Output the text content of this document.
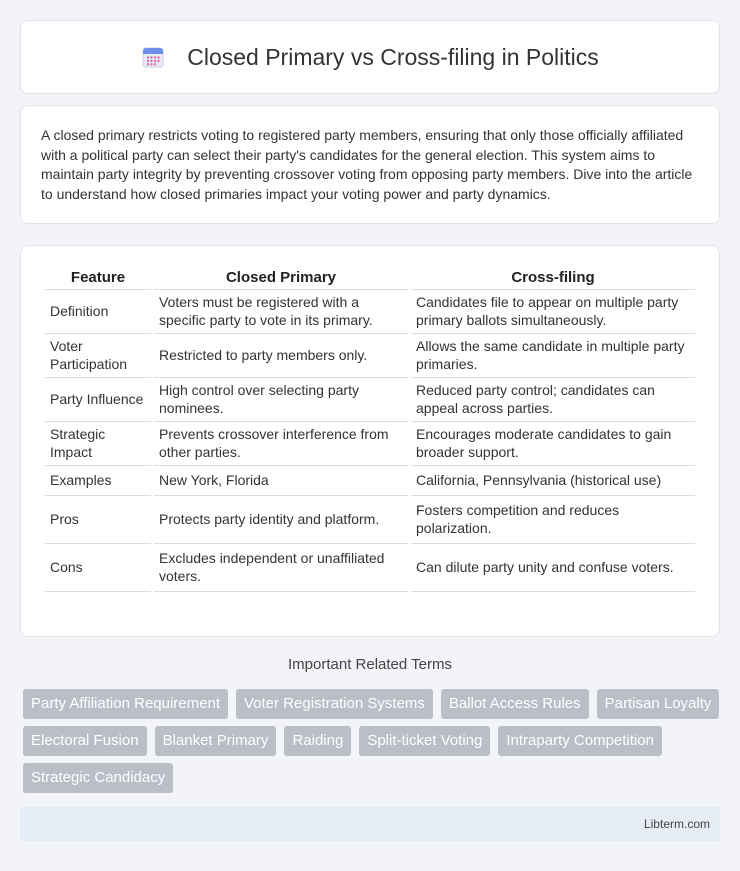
Closed Primary vs Cross-filing in Politics

A closed primary restricts voting to registered party members, ensuring that only those officially affiliated with a political party can select their party's candidates for the general election. This system aims to maintain party integrity by preventing crossover voting from opposing party members. Dive into the article to understand how closed primaries impact your voting power and party dynamics.

Feature	Closed Primary	Cross-filing
Definition	Voters must be registered with a specific party to vote in its primary.	Candidates file to appear on multiple party primary ballots simultaneously.
Voter Participation	Restricted to party members only.	Allows the same candidate in multiple party primaries.
Party Influence	High control over selecting party nominees.	Reduced party control; candidates can appeal across parties.
Strategic Impact	Prevents crossover interference from other parties.	Encourages moderate candidates to gain broader support.
Examples	New York, Florida	California, Pennsylvania (historical use)
Pros	Protects party identity and platform.	Fosters competition and reduces polarization.
Cons	Excludes independent or unaffiliated voters.	Can dilute party unity and confuse voters.
Important Related Terms
Party Affiliation Requirement	Voter Registration Systems	Ballot Access Rules	Partisan Loyalty
Electoral Fusion	Blanket Primary	Raiding	Split-ticket Voting	Intraparty Competition
Strategic Candidacy
Libterm.com
